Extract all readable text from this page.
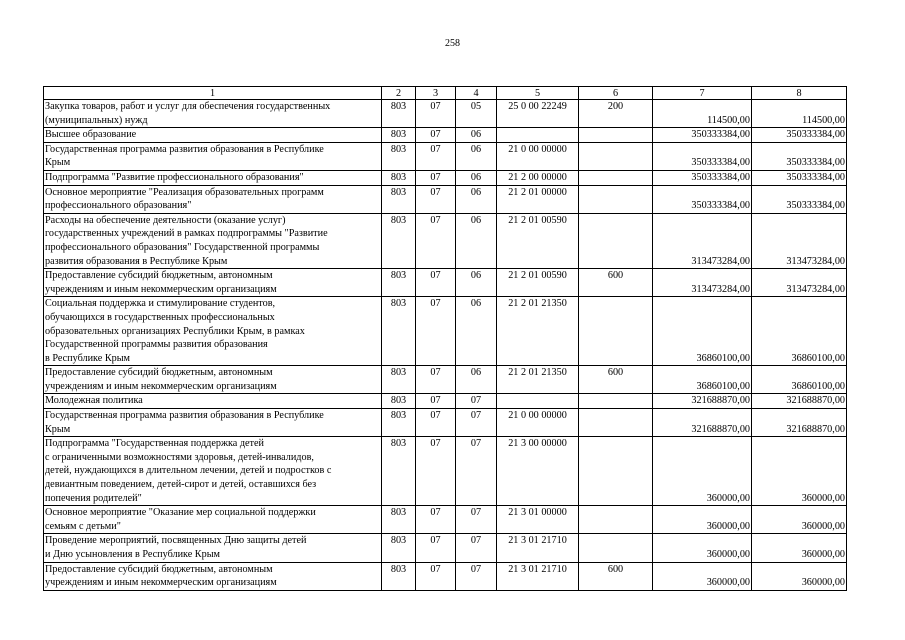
258
1	2	3	4	5	6	7	8
Закупка товаров, работ и услуг для обеспечения государственных
(муниципальных) нужд	803	07	05	25 0 00 22249	200	114500,00	114500,00
Высшее образование	803	07	06			350333384,00	350333384,00
Государственная программа развития образования в Республике
Крым	803	07	06	21 0 00 00000		350333384,00	350333384,00
Подпрограмма "Развитие профессионального образования"	803	07	06	21 2 00 00000		350333384,00	350333384,00
Основное мероприятие "Реализация образовательных программ
профессионального образования"	803	07	06	21 2 01 00000		350333384,00	350333384,00
Расходы на обеспечение деятельности (оказание услуг)
государственных учреждений в рамках подпрограммы "Развитие
профессионального образования" Государственной программы
развития образования в Республике Крым	803	07	06	21 2 01 00590		313473284,00	313473284,00
Предоставление субсидий бюджетным, автономным
учреждениям и иным некоммерческим организациям	803	07	06	21 2 01 00590	600	313473284,00	313473284,00
Социальная поддержка и стимулирование студентов,
обучающихся в государственных профессиональных
образовательных организациях Республики Крым, в рамках
Государственной программы развития образования
в Республике Крым	803	07	06	21 2 01 21350		36860100,00	36860100,00
Предоставление субсидий бюджетным, автономным
учреждениям и иным некоммерческим организациям	803	07	06	21 2 01 21350	600	36860100,00	36860100,00
Молодежная политика	803	07	07			321688870,00	321688870,00
Государственная программа развития образования в Республике
Крым	803	07	07	21 0 00 00000		321688870,00	321688870,00
Подпрограмма "Государственная поддержка детей
с ограниченными возможностями здоровья, детей-инвалидов,
детей, нуждающихся в длительном лечении, детей и подростков с
девиантным поведением, детей-сирот и детей, оставшихся без
попечения родителей"	803	07	07	21 3 00 00000		360000,00	360000,00
Основное мероприятие "Оказание мер социальной поддержки
семьям с детьми"	803	07	07	21 3 01 00000		360000,00	360000,00
Проведение мероприятий, посвященных Дню защиты детей
и Дню усыновления в Республике Крым	803	07	07	21 3 01 21710		360000,00	360000,00
Предоставление субсидий бюджетным, автономным
учреждениям и иным некоммерческим организациям	803	07	07	21 3 01 21710	600	360000,00	360000,00
